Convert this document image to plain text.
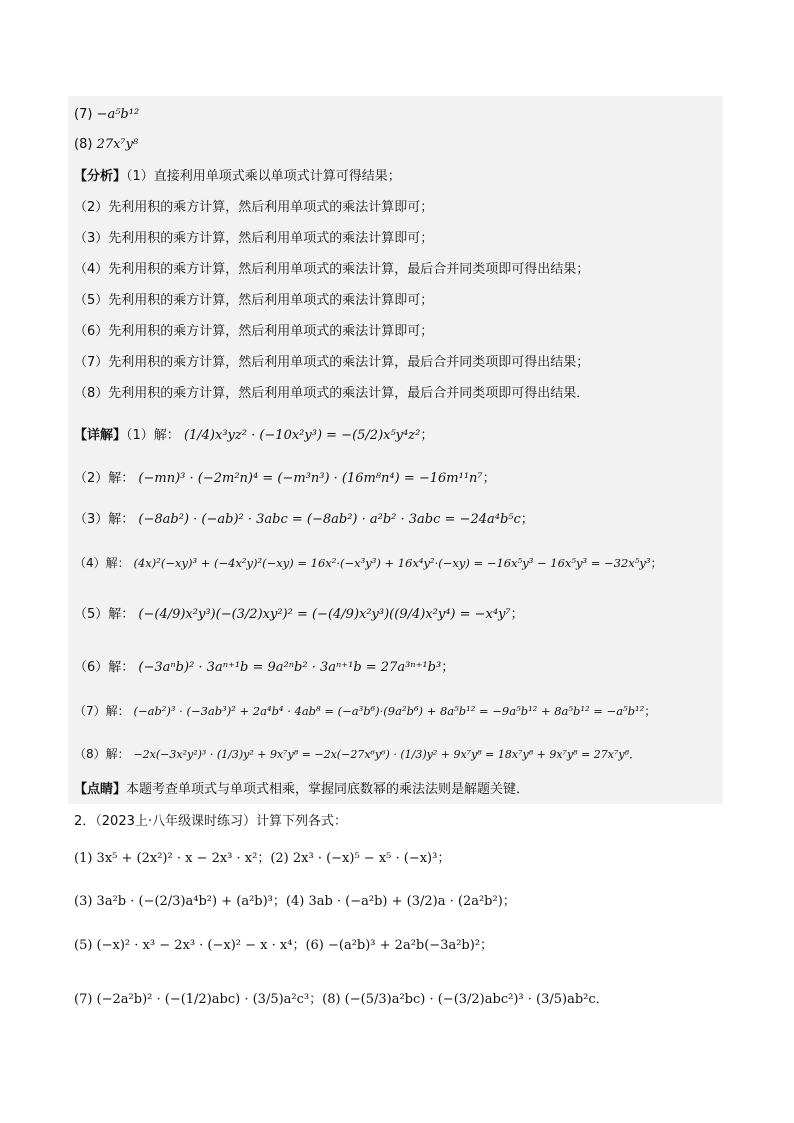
(7) −a⁵b¹²
(8) 27x⁷y⁸
【分析】（1）直接利用单项式乘以单项式计算可得结果；
（2）先利用积的乘方计算，然后利用单项式的乘法计算即可；
（3）先利用积的乘方计算，然后利用单项式的乘法计算即可；
（4）先利用积的乘方计算，然后利用单项式的乘法计算，最后合并同类项即可得出结果；
（5）先利用积的乘方计算，然后利用单项式的乘法计算即可；
（6）先利用积的乘方计算，然后利用单项式的乘法计算即可；
（7）先利用积的乘方计算，然后利用单项式的乘法计算，最后合并同类项即可得出结果；
（8）先利用积的乘方计算，然后利用单项式的乘法计算，最后合并同类项即可得出结果．
【详解】（1）解： (1/4)x³yz² · (−10x²y³) = −(5/2)x⁵y⁴z²；
（2）解： (−mn)³ · (−2m²n)⁴ = (−m³n³) · (16m⁸n⁴) = −16m¹¹n⁷；
（3）解： (−8ab²) · (−ab)² · 3abc = (−8ab²) · a²b² · 3abc = −24a⁴b⁵c；
（4）解： (4x)²(−xy)³ + (−4x²y)²(−xy) = 16x²·(−x³y³) + 16x⁴y²·(−xy) = −16x⁵y³ − 16x⁵y³ = −32x⁵y³；
（5）解： (−(4/9)x²y³)(−(3/2)xy²)² = (−(4/9)x²y³)((9/4)x²y⁴) = −x⁴y⁷；
（6）解： (−3aⁿb)² · 3aⁿ⁺¹b = 9a²ⁿb² · 3aⁿ⁺¹b = 27a³ⁿ⁺¹b³；
（7）解： (−ab²)³ · (−3ab³)² + 2a⁴b⁴ · 4ab⁸ = (−a³b⁶)·(9a²b⁶) + 8a⁵b¹² = −9a⁵b¹² + 8a⁵b¹² = −a⁵b¹²；
（8）解： −2x(−3x²y²)³ · (1/3)y² + 9x⁷y⁸ = −2x(−27x⁶y⁶) · (1/3)y² + 9x⁷y⁸ = 18x⁷y⁸ + 9x⁷y⁸ = 27x⁷y⁸．
【点睛】本题考查单项式与单项式相乘，掌握同底数幂的乘法法则是解题关键．
2．（2023上·八年级课时练习）计算下列各式：
(1) 3x⁵ + (2x²)² · x − 2x³ · x²；(2) 2x³ · (−x)⁵ − x⁵ · (−x)³；
(3) 3a²b · (−(2/3)a⁴b²) + (a²b)³；(4) 3ab · (−a²b) + (3/2)a · (2a²b²)；
(5) (−x)² · x³ − 2x³ · (−x)² − x · x⁴；(6) −(a²b)³ + 2a²b(−3a²b)²；
(7) (−2a²b)² · (−(1/2)abc) · (3/5)a²c³；(8) (−(5/3)a²bc) · (−(3/2)abc²)³ · (3/5)ab²c．
